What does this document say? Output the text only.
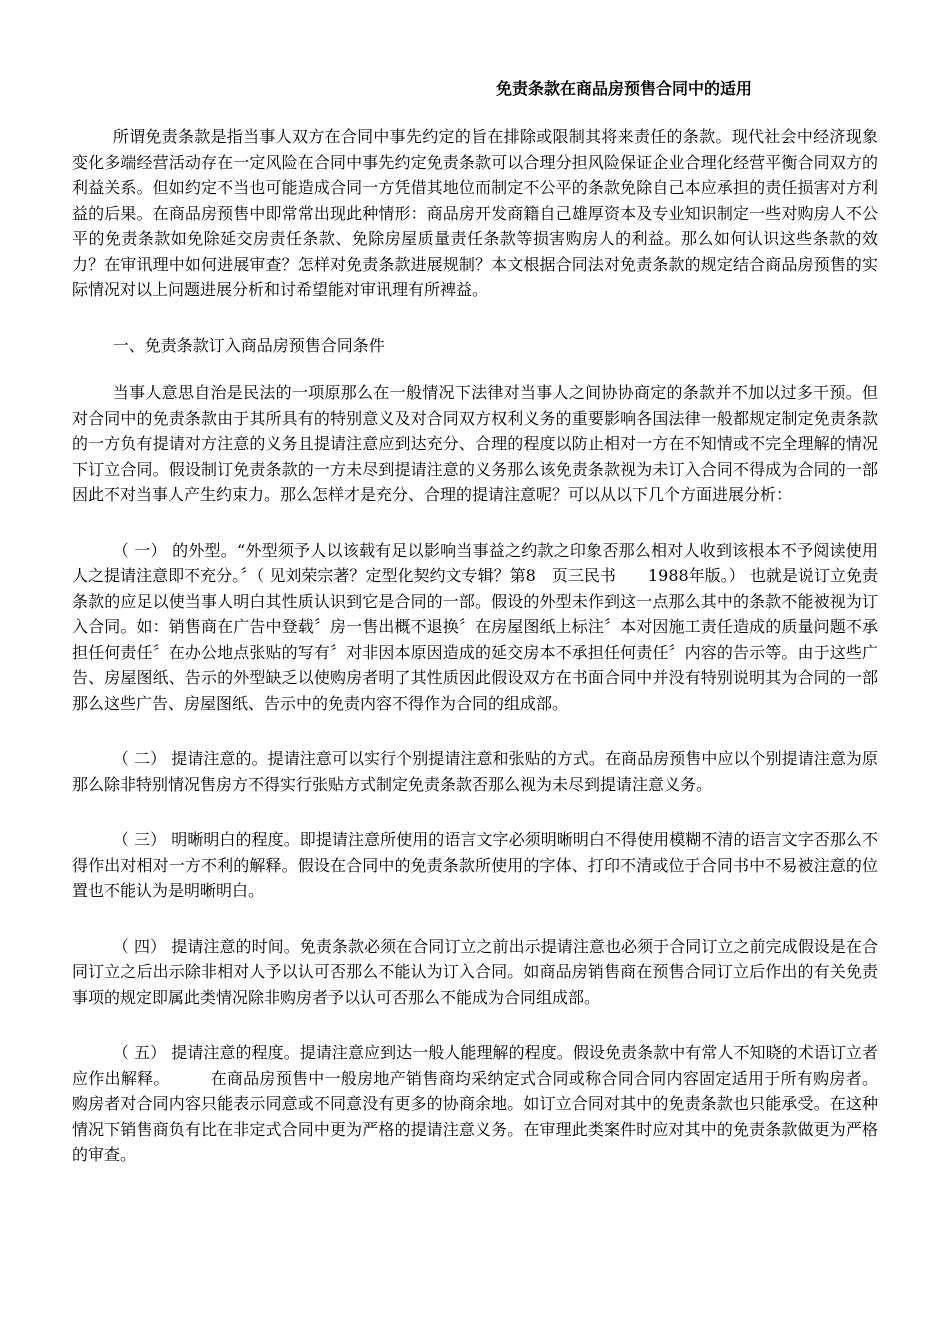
免责条款在商品房预售合同中的适用

所谓免责条款是指当事人双方在合同中事先约定的旨在排除或限制其将来责任的条款。现代社会中经济现象变化多端经营活动存在一定风险在合同中事先约定免责条款可以合理分担风险保证企业合理化经营平衡合同双方的利益关系。但如约定不当也可能造成合同一方凭借其地位而制定不公平的条款免除自己本应承担的责任损害对方利益的后果。在商品房预售中即常常出现此种情形：商品房开发商籍自己雄厚资本及专业知识制定一些对购房人不公平的免责条款如免除延交房责任条款、免除房屋质量责任条款等损害购房人的利益。那么如何认识这些条款的效力？在审讯理中如何进展审查？怎样对免责条款进展规制？本文根据合同法对免责条款的规定结合商品房预售的实际情况对以上问题进展分析和讨希望能对审讯理有所裨益。

一、免责条款订入商品房预售合同条件

当事人意思自治是民法的一项原那么在一般情况下法律对当事人之间协协商定的条款并不加以过多干预。但对合同中的免责条款由于其所具有的特别意义及对合同双方权利义务的重要影响各国法律一般都规定制定免责条款的一方负有提请对方注意的义务且提请注意应到达充分、合理的程度以防止相对一方在不知情或不完全理解的情况下订立合同。假设制订免责条款的一方未尽到提请注意的义务那么该免责条款视为未订入合同不得成为合同的一部因此不对当事人产生约束力。那么怎样才是充分、合理的提请注意呢？可以从以下几个方面进展分析：

（ 一） 的外型。“外型须予人以该载有足以影响当事益之约款之印象否那么相对人收到该根本不予阅读使用人之提请注意即不充分。〞（ 见刘荣宗著？定型化契约文专辑？第8　页三民书　　1988年版。） 也就是说订立免责条款的应足以使当事人明白其性质认识到它是合同的一部。假设的外型未作到这一点那么其中的条款不能被视为订入合同。如：销售商在广告中登载〞房一售出概不退换〞在房屋图纸上标注〞本对因施工责任造成的质量问题不承担任何责任〞在办公地点张贴的写有〞对非因本原因造成的延交房本不承担任何责任〞内容的告示等。由于这些广告、房屋图纸、告示的外型缺乏以使购房者明了其性质因此假设双方在书面合同中并没有特别说明其为合同的一部那么这些广告、房屋图纸、告示中的免责内容不得作为合同的组成部。

（ 二） 提请注意的。提请注意可以实行个别提请注意和张贴的方式。在商品房预售中应以个别提请注意为原那么除非特别情况售房方不得实行张贴方式制定免责条款否那么视为未尽到提请注意义务。

（ 三） 明晰明白的程度。即提请注意所使用的语言文字必须明晰明白不得使用模糊不清的语言文字否那么不得作出对相对一方不利的解释。假设在合同中的免责条款所使用的字体、打印不清或位于合同书中不易被注意的位置也不能认为是明晰明白。

（ 四） 提请注意的时间。免责条款必须在合同订立之前出示提请注意也必须于合同订立之前完成假设是在合同订立之后出示除非相对人予以认可否那么不能认为订入合同。如商品房销售商在预售合同订立后作出的有关免责事项的规定即属此类情况除非购房者予以认可否那么不能成为合同组成部。

（ 五） 提请注意的程度。提请注意应到达一般人能理解的程度。假设免责条款中有常人不知晓的术语订立者应作出解释。　　　在商品房预售中一般房地产销售商均采纳定式合同或称合同合同内容固定适用于所有购房者。购房者对合同内容只能表示同意或不同意没有更多的协商余地。如订立合同对其中的免责条款也只能承受。在这种情况下销售商负有比在非定式合同中更为严格的提请注意义务。在审理此类案件时应对其中的免责条款做更为严格的审查。
